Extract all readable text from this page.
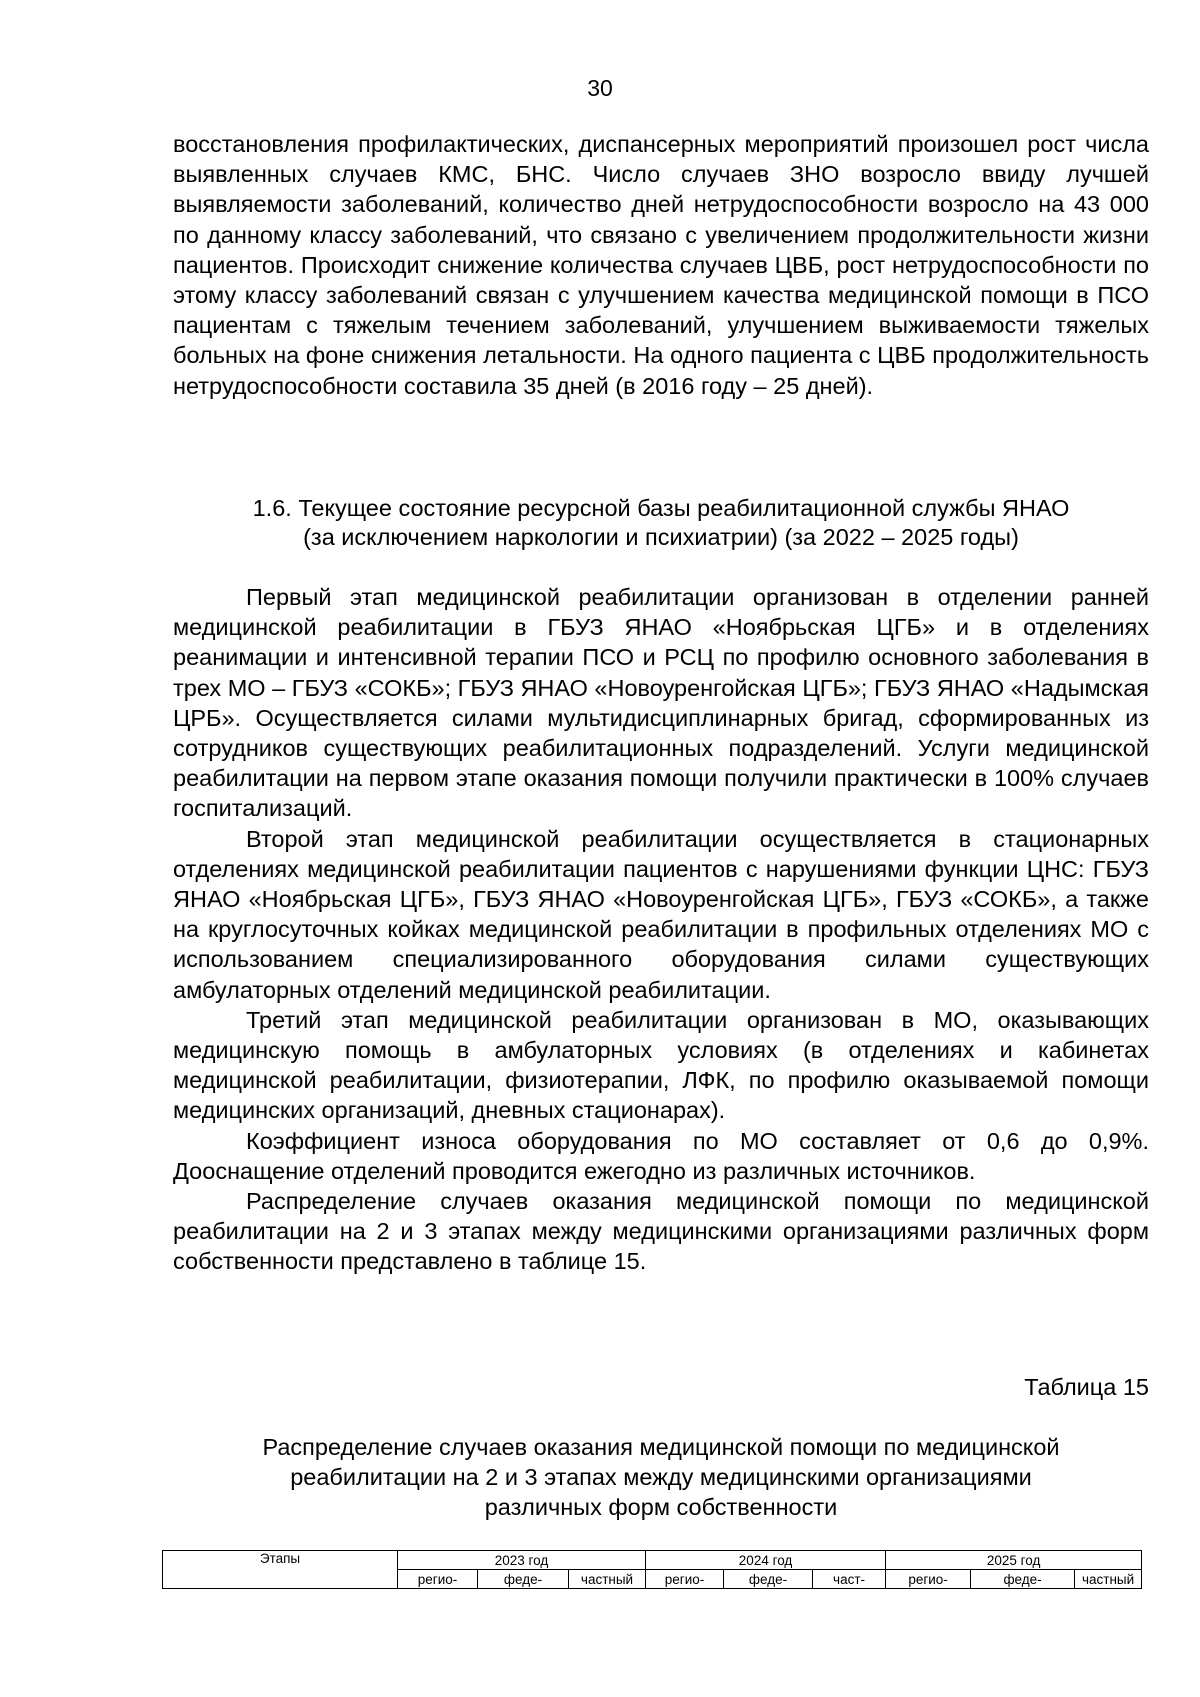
30

восстановления профилактических, диспансерных мероприятий произошел рост числа выявленных случаев КМС, БНС. Число случаев ЗНО возросло ввиду лучшей выявляемости заболеваний, количество дней нетрудоспособности возросло на 43 000 по данному классу заболеваний, что связано с увеличением продолжительности жизни пациентов. Происходит снижение количества случаев ЦВБ, рост нетрудоспособности по этому классу заболеваний связан с улучшением качества медицинской помощи в ПСО пациентам с тяжелым течением заболеваний, улучшением выживаемости тяжелых больных на фоне снижения летальности. На одного пациента с ЦВБ продолжительность нетрудоспособности составила 35 дней (в 2016 году – 25 дней).

1.6. Текущее состояние ресурсной базы реабилитационной службы ЯНАО
(за исключением наркологии и психиатрии) (за 2022 – 2025 годы)

Первый этап медицинской реабилитации организован в отделении ранней медицинской реабилитации в ГБУЗ ЯНАО «Ноябрьская ЦГБ» и в отделениях реанимации и интенсивной терапии ПСО и РСЦ по профилю основного заболевания в трех МО – ГБУЗ «СОКБ»; ГБУЗ ЯНАО «Новоуренгойская ЦГБ»; ГБУЗ ЯНАО «Надымская ЦРБ». Осуществляется силами мультидисциплинарных бригад, сформированных из сотрудников существующих реабилитационных подразделений. Услуги медицинской реабилитации на первом этапе оказания помощи получили практически в 100% случаев госпитализаций.

Второй этап медицинской реабилитации осуществляется в стационарных отделениях медицинской реабилитации пациентов с нарушениями функции ЦНС: ГБУЗ ЯНАО «Ноябрьская ЦГБ», ГБУЗ ЯНАО «Новоуренгойская ЦГБ», ГБУЗ «СОКБ», а также на круглосуточных койках медицинской реабилитации в профильных отделениях МО с использованием специализированного оборудования силами существующих амбулаторных отделений медицинской реабилитации.

Третий этап медицинской реабилитации организован в МО, оказывающих медицинскую помощь в амбулаторных условиях (в отделениях и кабинетах медицинской реабилитации, физиотерапии, ЛФК, по профилю оказываемой помощи медицинских организаций, дневных стационарах).

Коэффициент износа оборудования по МО составляет от 0,6 до 0,9%. Дооснащение отделений проводится ежегодно из различных источников.

Распределение случаев оказания медицинской помощи по медицинской реабилитации на 2 и 3 этапах между медицинскими организациями различных форм собственности представлено в таблице 15.

Таблица 15
Распределение случаев оказания медицинской помощи по медицинской
реабилитации на 2 и 3 этапах между медицинскими организациями
различных форм собственности
Этапы	2023 год			2024 год			2025 год		
	регио-	феде-	частный	регио-	феде-	част-	регио-	феде-	частный
